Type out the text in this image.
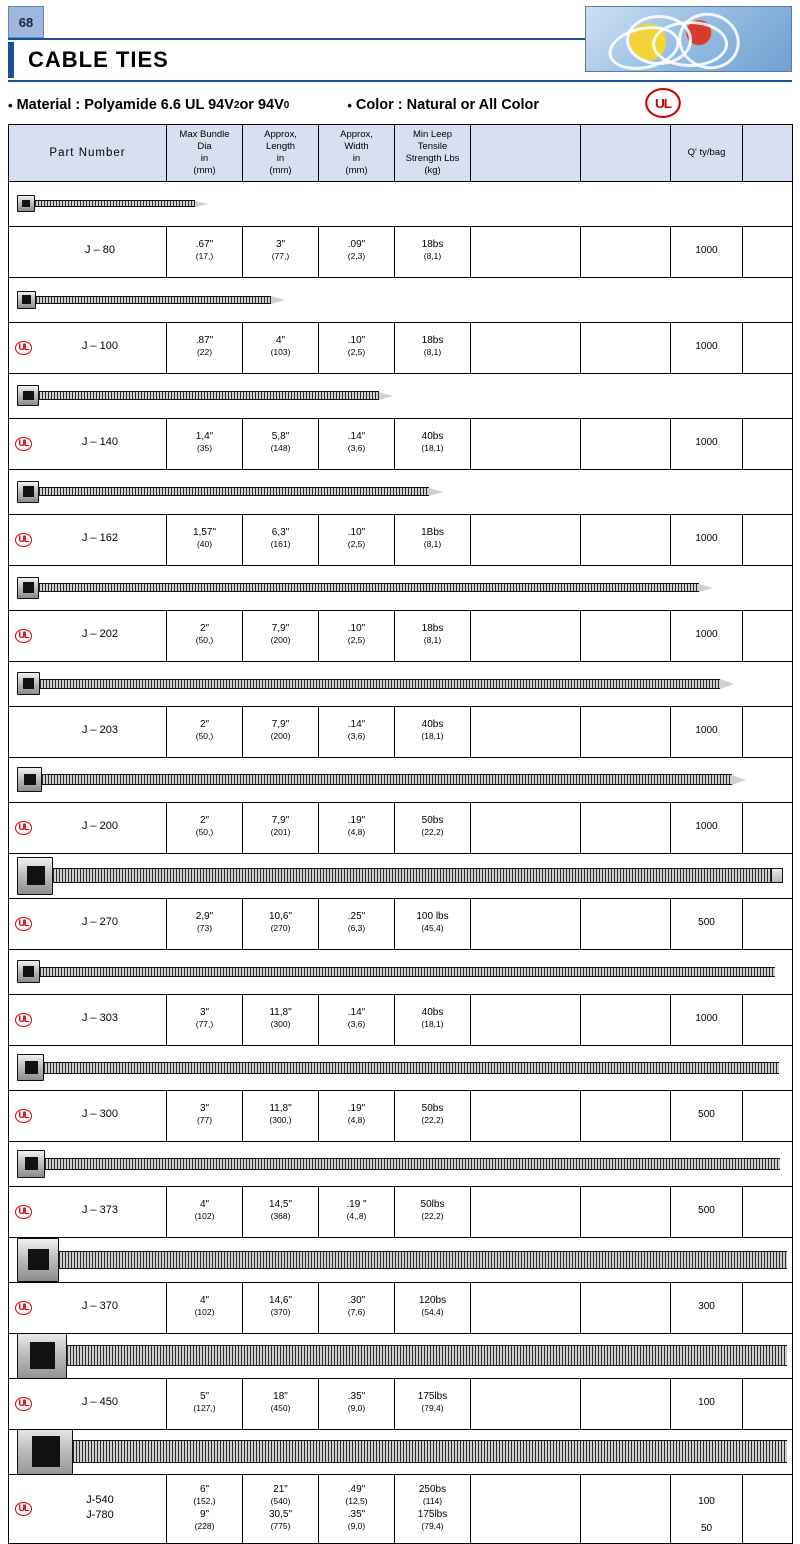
68
CABLE TIES
• Material : Polyamide 6.6 UL 94V 2 or 94V 0	• Color : Natural or All Color	UL
Part Number	
Max Bundle
Dia
in
(mm)

Approx,
Length
in
(mm)

Approx,
Width
in
(mm)

Min Leep
Tensile
Strength Lbs
(kg)
			Q' ty/bag	

J – 80	.67"
(17,)

3"
(77,)

.09"
(2,3)

18bs
(8,1)
			1000	

UL	J – 100	.87"
(22)

4"
(103)

.10"
(2,5)

18bs
(8,1)
			1000	

UL	J – 140	1,4"
(35)

5,8"
(148)

.14"
(3,6)

40bs
(18,1)
			1000	

UL	J – 162	1,57"
(40)

6,3"
(161)

.10"
(2,5)

1Bbs
(8,1)
			1000	

UL	J – 202	2"
(50,)

7,9"
(200)

.10"
(2,5)

18bs
(8,1)
			1000	

J – 203	2"
(50,)

7,9"
(200)

.14"
(3,6)

40bs
(18,1)
			1000	

UL	J – 200	2"
(50,)

7,9"
(201)

.19"
(4,8)

50bs
(22,2)
			1000	

UL	J – 270	2,9"
(73)

10,6"
(270)

.25"
(6,3)

100 lbs
(45,4)
			500	

UL	J – 303	3"
(77,)

11,8"
(300)

.14"
(3,6)

40bs
(18,1)
			1000	

UL	J – 300	3"
(77)

11,8"
(300,)

.19"
(4,8)

50bs
(22,2)
			500	

UL	J – 373	4"
(102)

14,5"
(368)

.19 "
(4,,8)

50lbs
(22,2)
			500	

UL	J – 370	4"
(102)

14,6"
(370)

.30"
(7,6)

120bs
(54,4)
			300	

UL	J – 450	5"
(127,)

18"
(450)

.35"
(9,0)

175lbs
(79,4)
			100	

UL
J-540
J-780

6"
(152,)
9"
(228)

21"
(540)
30,5"
(775)

.49"
(12,5)
.35"
(9,0)

250bs
(114)
175lbs
(79,4)

100
50
